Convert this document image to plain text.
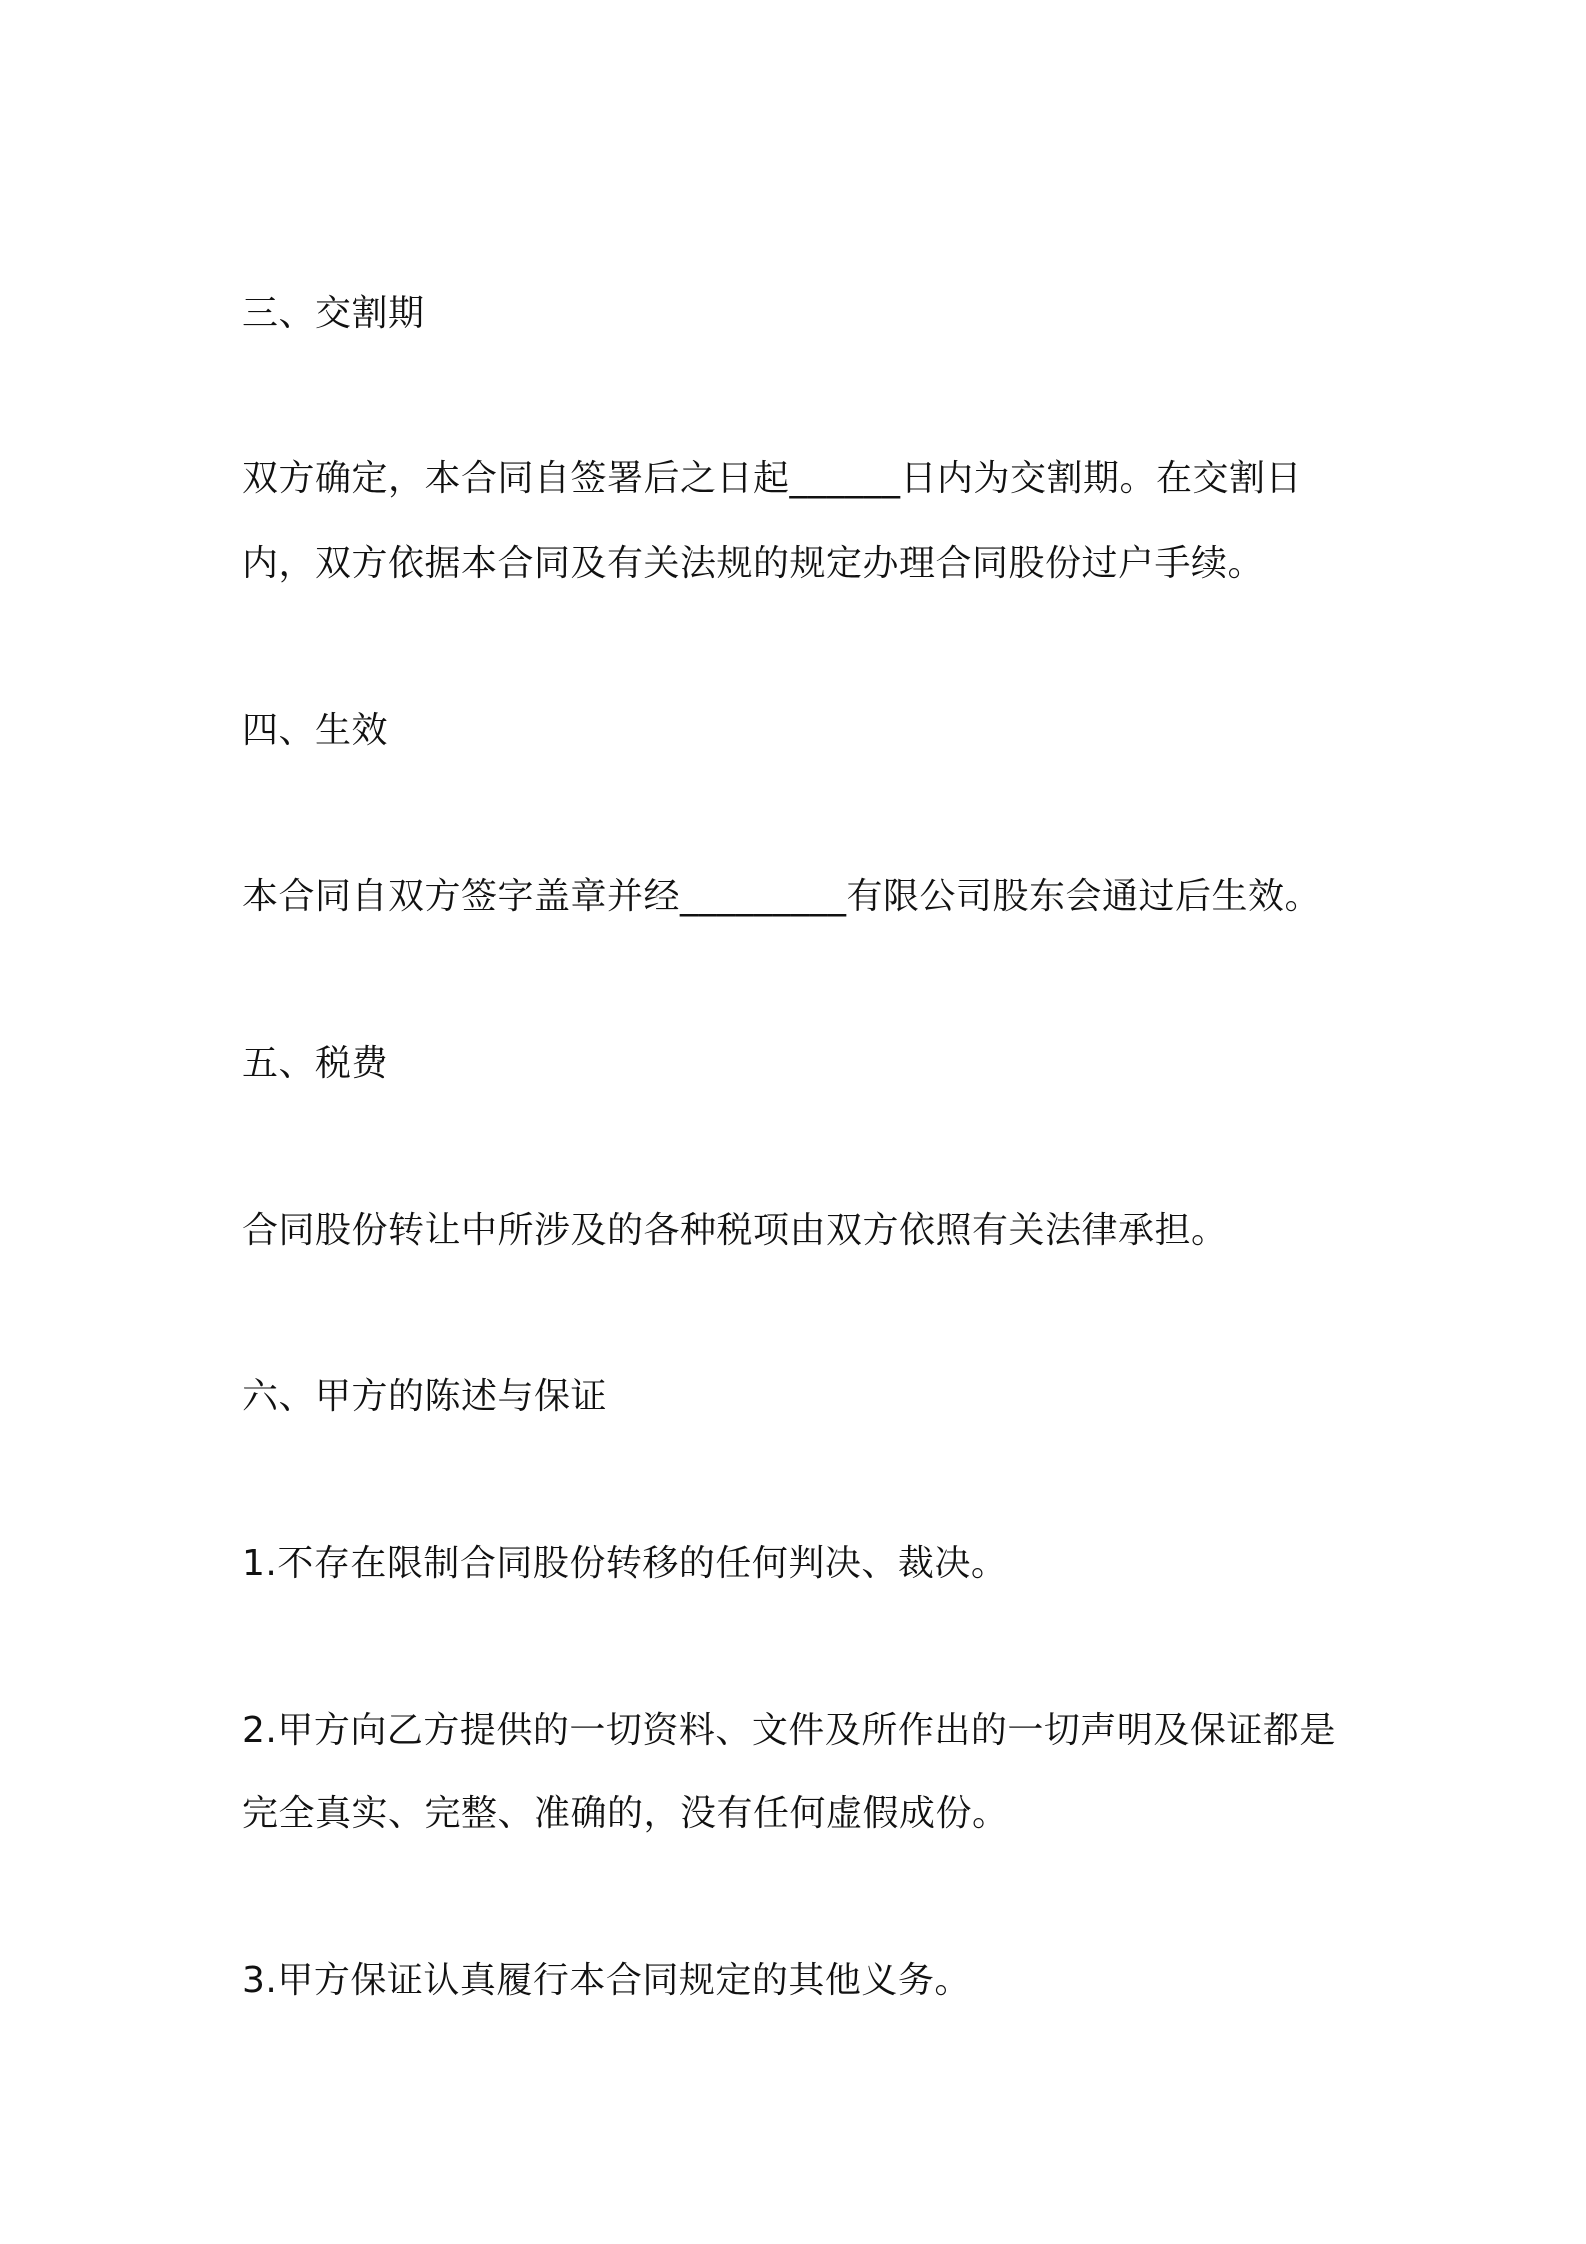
三、交割期

双方确定，本合同自签署后之日起______日内为交割期。在交割日

内，双方依据本合同及有关法规的规定办理合同股份过户手续。

四、生效

本合同自双方签字盖章并经_________有限公司股东会通过后生效。

五、税费

合同股份转让中所涉及的各种税项由双方依照有关法律承担。

六、甲方的陈述与保证

1.不存在限制合同股份转移的任何判决、裁决。

2.甲方向乙方提供的一切资料、文件及所作出的一切声明及保证都是

完全真实、完整、准确的，没有任何虚假成份。

3.甲方保证认真履行本合同规定的其他义务。
